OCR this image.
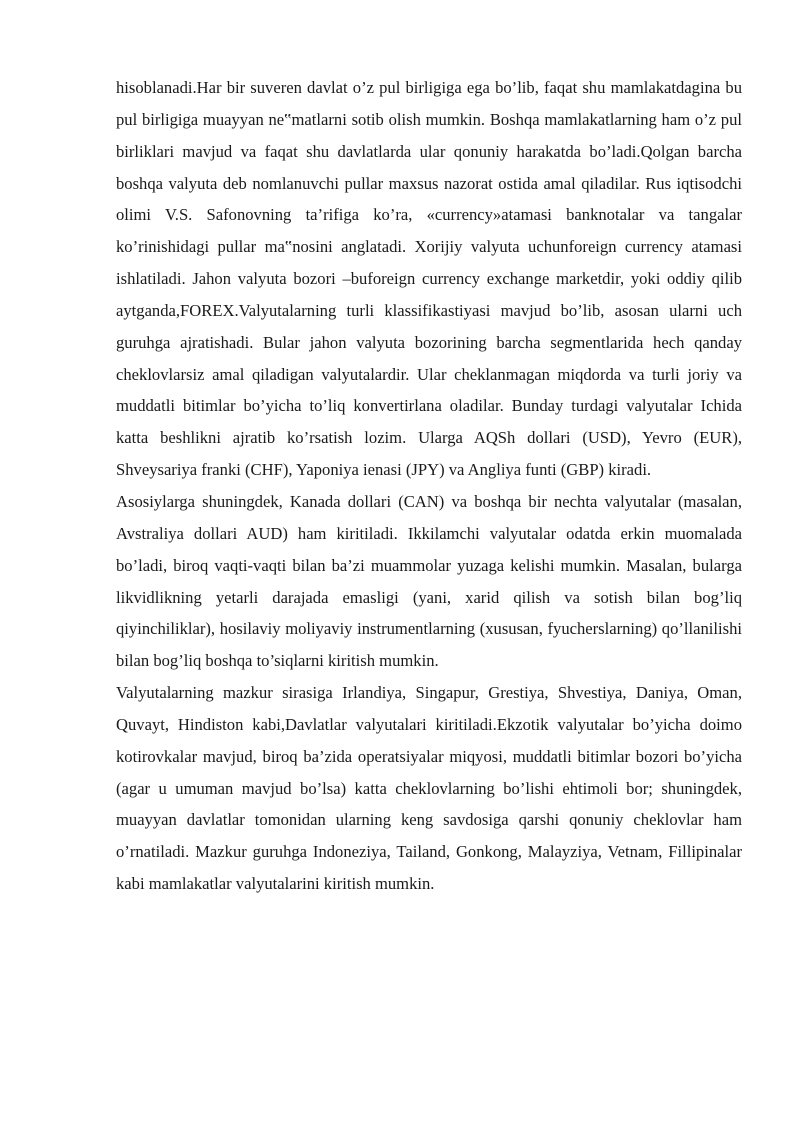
hisoblanadi.Har bir suveren davlat o’z pul birligiga ega bo’lib, faqat shu mamlakatdagina bu pul birligiga muayyan ne‟matlarni sotib olish mumkin. Boshqa mamlakatlarning ham o’z pul birliklari mavjud va faqat shu davlatlarda ular qonuniy harakatda bo’ladi.Qolgan barcha boshqa valyuta deb nomlanuvchi pullar maxsus nazorat ostida amal qiladilar. Rus iqtisodchi olimi V.S. Safonovning ta’rifiga ko’ra, «currency»atamasi banknotalar va tangalar ko’rinishidagi pullar ma‟nosini anglatadi. Xorijiy valyuta uchunforeign currency atamasi ishlatiladi. Jahon valyuta bozori –buforeign currency exchange marketdir, yoki oddiy qilib aytganda,FOREX.Valyutalarning turli klassifikastiyasi mavjud bo’lib, asosan ularni uch guruhga ajratishadi. Bular jahon valyuta bozorining barcha segmentlarida hech qanday cheklovlarsiz amal qiladigan valyutalardir. Ular cheklanmagan miqdorda va turli joriy va muddatli bitimlar bo’yicha to’liq konvertirlana oladilar. Bunday turdagi valyutalar Ichida katta beshlikni ajratib ko’rsatish lozim. Ularga AQSh dollari (USD), Yevro (EUR), Shveysariya franki (CHF), Yaponiya ienasi (JPY) va Angliya funti (GBP) kiradi.

Asosiylarga shuningdek, Kanada dollari (CAN) va boshqa bir nechta valyutalar (masalan, Avstraliya dollari AUD) ham kiritiladi. Ikkilamchi valyutalar odatda erkin muomalada bo’ladi, biroq vaqti-vaqti bilan ba’zi muammolar yuzaga kelishi mumkin. Masalan, bularga likvidlikning yetarli darajada emasligi (yani, xarid qilish va sotish bilan bog’liq qiyinchiliklar), hosilaviy moliyaviy instrumentlarning (xususan, fyucherslarning) qo’llanilishi bilan bog’liq boshqa to’siqlarni kiritish mumkin.

Valyutalarning mazkur sirasiga Irlandiya, Singapur, Grestiya, Shvestiya, Daniya, Oman, Quvayt, Hindiston kabi,Davlatlar valyutalari kiritiladi.Ekzotik valyutalar bo’yicha doimo kotirovkalar mavjud, biroq ba’zida operatsiyalar miqyosi, muddatli bitimlar bozori bo’yicha (agar u umuman mavjud bo’lsa) katta cheklovlarning bo’lishi ehtimoli bor; shuningdek, muayyan davlatlar tomonidan ularning keng savdosiga qarshi qonuniy cheklovlar ham o’rnatiladi. Mazkur guruhga Indoneziya, Tailand, Gonkong, Malayziya, Vetnam, Fillipinalar kabi mamlakatlar valyutalarini kiritish mumkin.
